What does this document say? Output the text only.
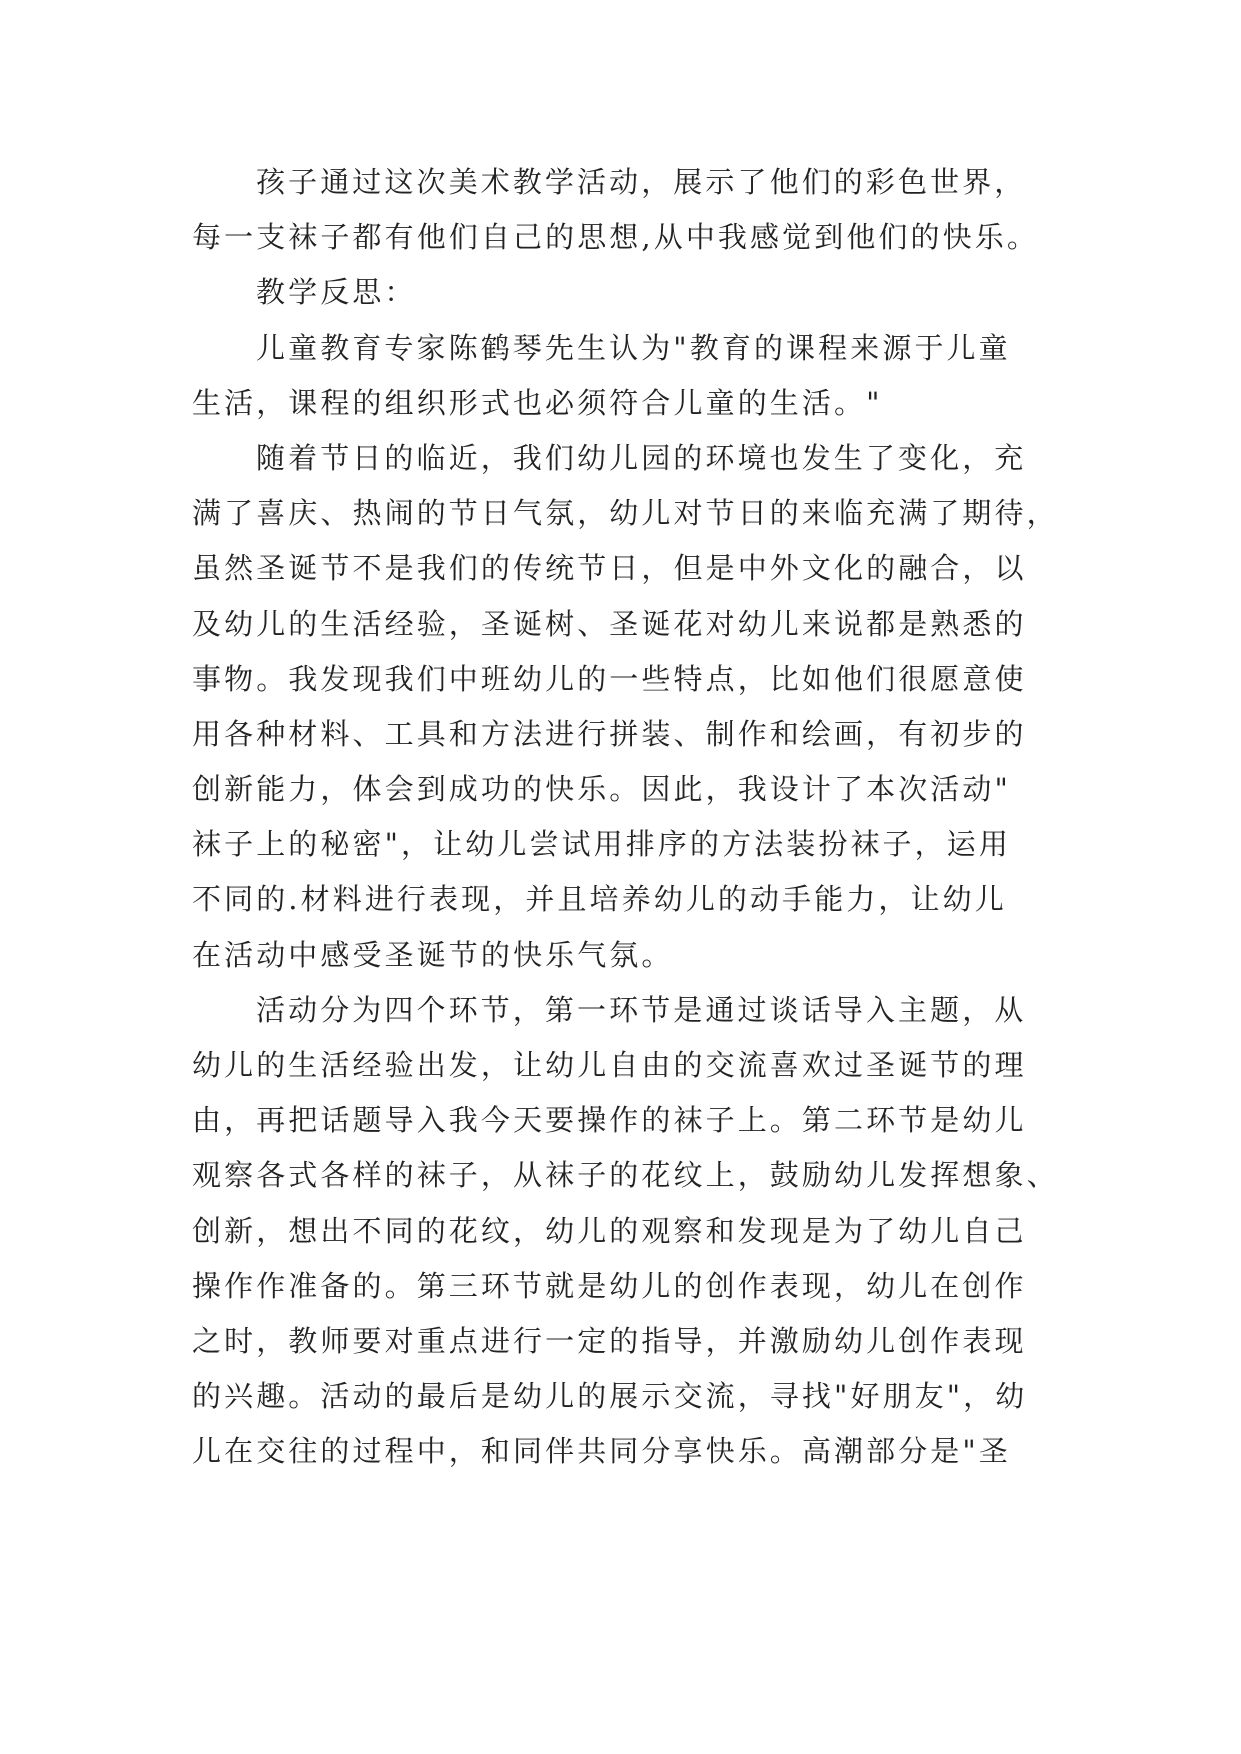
孩子通过这次美术教学活动，展示了他们的彩色世界，
每一支袜子都有他们自己的思想,从中我感觉到他们的快乐。
教学反思：
儿童教育专家陈鹤琴先生认为"教育的课程来源于儿童
生活，课程的组织形式也必须符合儿童的生活。"
随着节日的临近，我们幼儿园的环境也发生了变化，充
满了喜庆、热闹的节日气氛，幼儿对节日的来临充满了期待，
虽然圣诞节不是我们的传统节日，但是中外文化的融合，以
及幼儿的生活经验，圣诞树、圣诞花对幼儿来说都是熟悉的
事物。我发现我们中班幼儿的一些特点，比如他们很愿意使
用各种材料、工具和方法进行拼装、制作和绘画，有初步的
创新能力，体会到成功的快乐。因此，我设计了本次活动"
袜子上的秘密"，让幼儿尝试用排序的方法装扮袜子，运用
不同的.材料进行表现，并且培养幼儿的动手能力，让幼儿
在活动中感受圣诞节的快乐气氛。
活动分为四个环节，第一环节是通过谈话导入主题，从
幼儿的生活经验出发，让幼儿自由的交流喜欢过圣诞节的理
由，再把话题导入我今天要操作的袜子上。第二环节是幼儿
观察各式各样的袜子，从袜子的花纹上，鼓励幼儿发挥想象、
创新，想出不同的花纹，幼儿的观察和发现是为了幼儿自己
操作作准备的。第三环节就是幼儿的创作表现，幼儿在创作
之时，教师要对重点进行一定的指导，并激励幼儿创作表现
的兴趣。活动的最后是幼儿的展示交流，寻找"好朋友"，幼
儿在交往的过程中，和同伴共同分享快乐。高潮部分是"圣
